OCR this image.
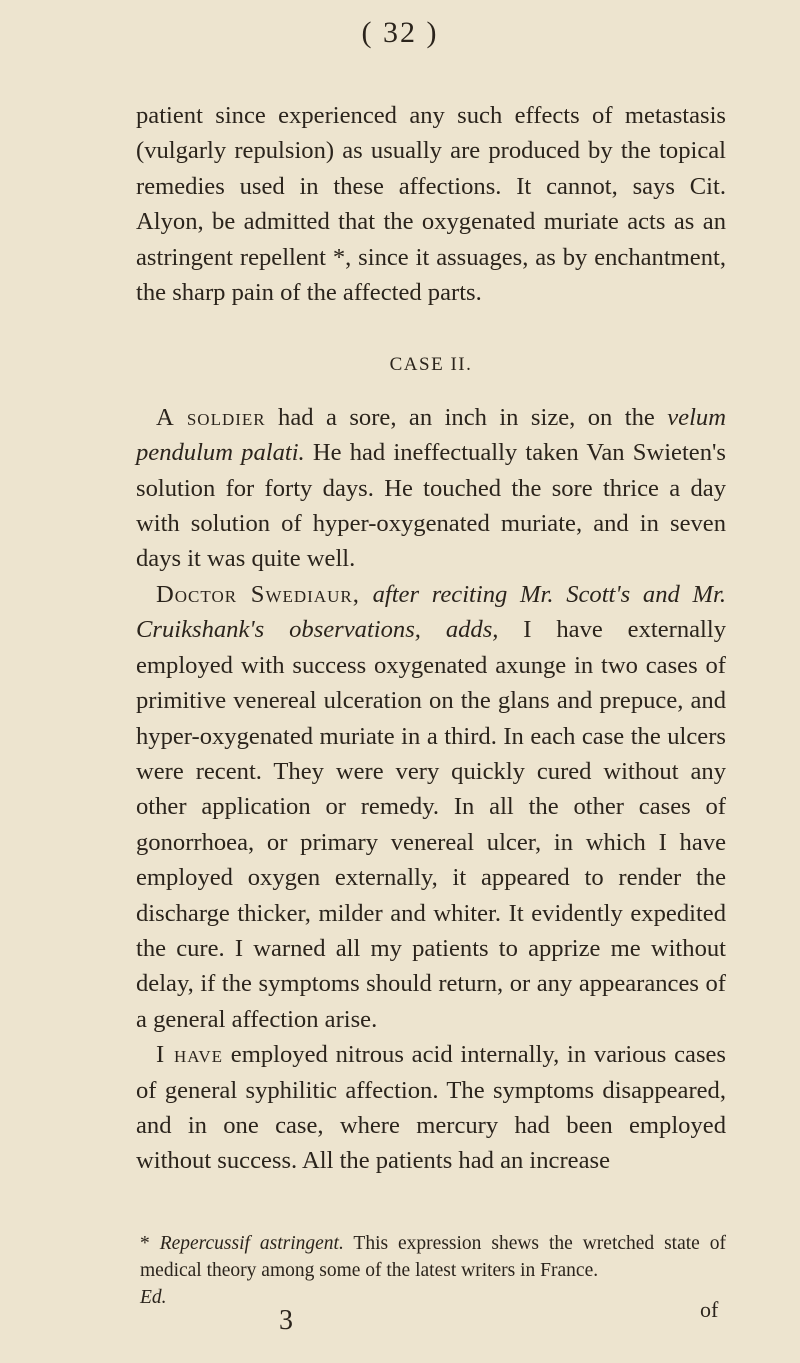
( 32 )

patient since experienced any such effects of metastasis (vulgarly repulsion) as usually are produced by the topical remedies used in these affections. It cannot, says Cit. Alyon, be admitted that the oxygenated muriate acts as an astringent repellent *, since it assuages, as by enchantment, the sharp pain of the affected parts.

CASE II.

A soldier had a sore, an inch in size, on the velum pendulum palati. He had ineffectually taken Van Swieten's solution for forty days. He touched the sore thrice a day with solution of hyper-oxygenated muriate, and in seven days it was quite well.

Doctor Swediaur, after reciting Mr. Scott's and Mr. Cruikshank's observations, adds, I have externally employed with success oxygenated axunge in two cases of primitive venereal ulceration on the glans and prepuce, and hyper-oxygenated muriate in a third. In each case the ulcers were recent. They were very quickly cured without any other application or remedy. In all the other cases of gonorrhoea, or primary venereal ulcer, in which I have employed oxygen externally, it appeared to render the discharge thicker, milder and whiter. It evidently expedited the cure. I warned all my patients to apprize me without delay, if the symptoms should return, or any appearances of a general affection arise.

I have employed nitrous acid internally, in various cases of general syphilitic affection. The symptoms disappeared, and in one case, where mercury had been employed without success. All the patients had an increase

* Repercussif astringent. This expression shews the wretched state of medical theory among some of the latest writers in France.
Ed.
3	of
